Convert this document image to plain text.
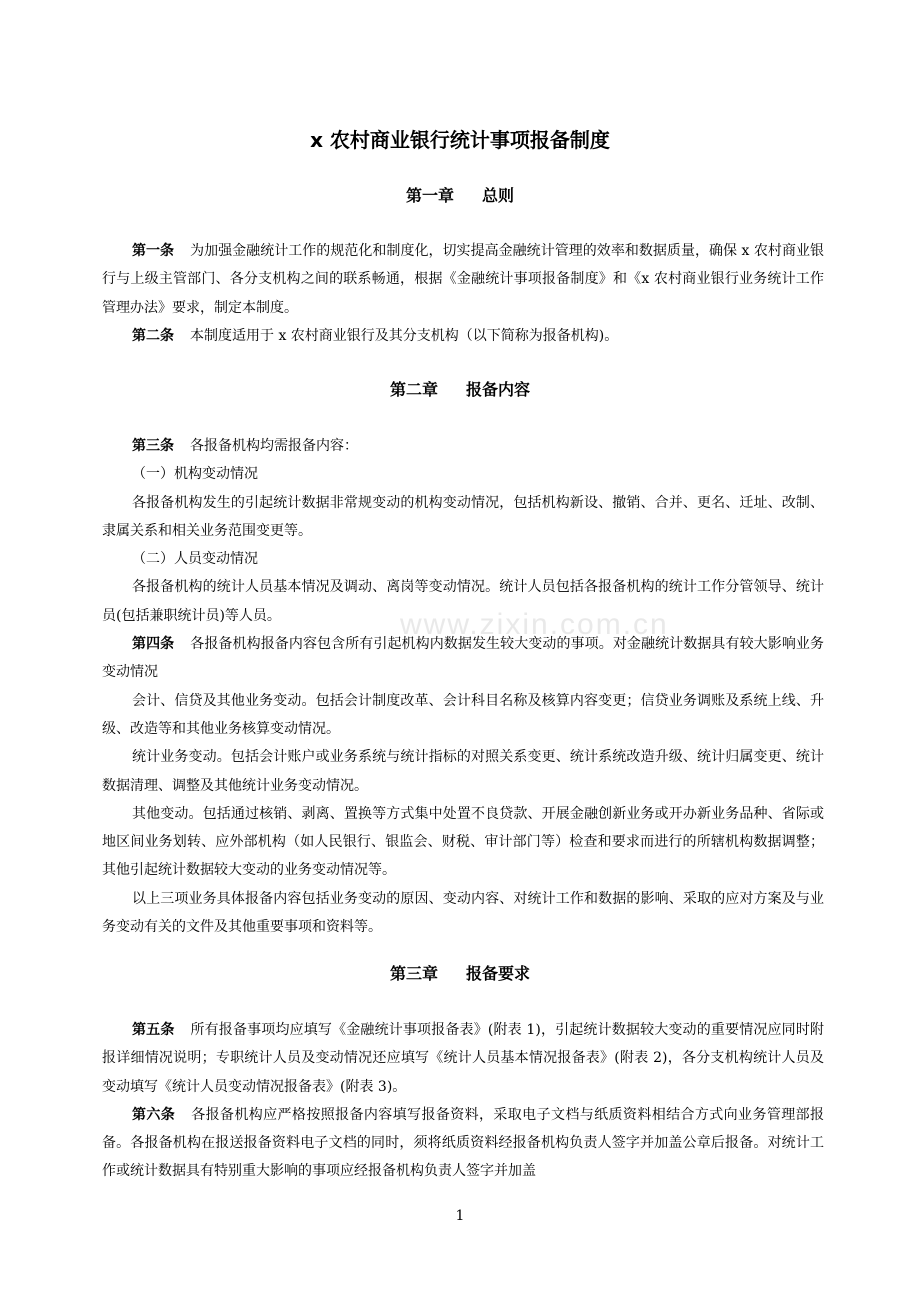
www.zixin.com.cn
x 农村商业银行统计事项报备制度
第一章 总则

第一条 为加强金融统计工作的规范化和制度化，切实提高金融统计管理的效率和数据质量，确保 x 农村商业银行与上级主管部门、各分支机构之间的联系畅通，根据《金融统计事项报备制度》和《x 农村商业银行业务统计工作管理办法》要求，制定本制度。

第二条 本制度适用于 x 农村商业银行及其分支机构（以下简称为报备机构)。

第二章 报备内容

第三条 各报备机构均需报备内容：

（一）机构变动情况

各报备机构发生的引起统计数据非常规变动的机构变动情况，包括机构新设、撤销、合并、更名、迁址、改制、隶属关系和相关业务范围变更等。

（二）人员变动情况

各报备机构的统计人员基本情况及调动、离岗等变动情况。统计人员包括各报备机构的统计工作分管领导、统计员(包括兼职统计员)等人员。

第四条 各报备机构报备内容包含所有引起机构内数据发生较大变动的事项。对金融统计数据具有较大影响业务变动情况

会计、信贷及其他业务变动。包括会计制度改革、会计科目名称及核算内容变更；信贷业务调账及系统上线、升级、改造等和其他业务核算变动情况。

统计业务变动。包括会计账户或业务系统与统计指标的对照关系变更、统计系统改造升级、统计归属变更、统计数据清理、调整及其他统计业务变动情况。

其他变动。包括通过核销、剥离、置换等方式集中处置不良贷款、开展金融创新业务或开办新业务品种、省际或地区间业务划转、应外部机构（如人民银行、银监会、财税、审计部门等）检查和要求而进行的所辖机构数据调整；其他引起统计数据较大变动的业务变动情况等。

以上三项业务具体报备内容包括业务变动的原因、变动内容、对统计工作和数据的影响、采取的应对方案及与业务变动有关的文件及其他重要事项和资料等。

第三章 报备要求

第五条 所有报备事项均应填写《金融统计事项报备表》(附表 1)，引起统计数据较大变动的重要情况应同时附报详细情况说明；专职统计人员及变动情况还应填写《统计人员基本情况报备表》(附表 2)，各分支机构统计人员及变动填写《统计人员变动情况报备表》(附表 3)。

第六条 各报备机构应严格按照报备内容填写报备资料，采取电子文档与纸质资料相结合方式向业务管理部报备。各报备机构在报送报备资料电子文档的同时，须将纸质资料经报备机构负责人签字并加盖公章后报备。对统计工作或统计数据具有特别重大影响的事项应经报备机构负责人签字并加盖

1
